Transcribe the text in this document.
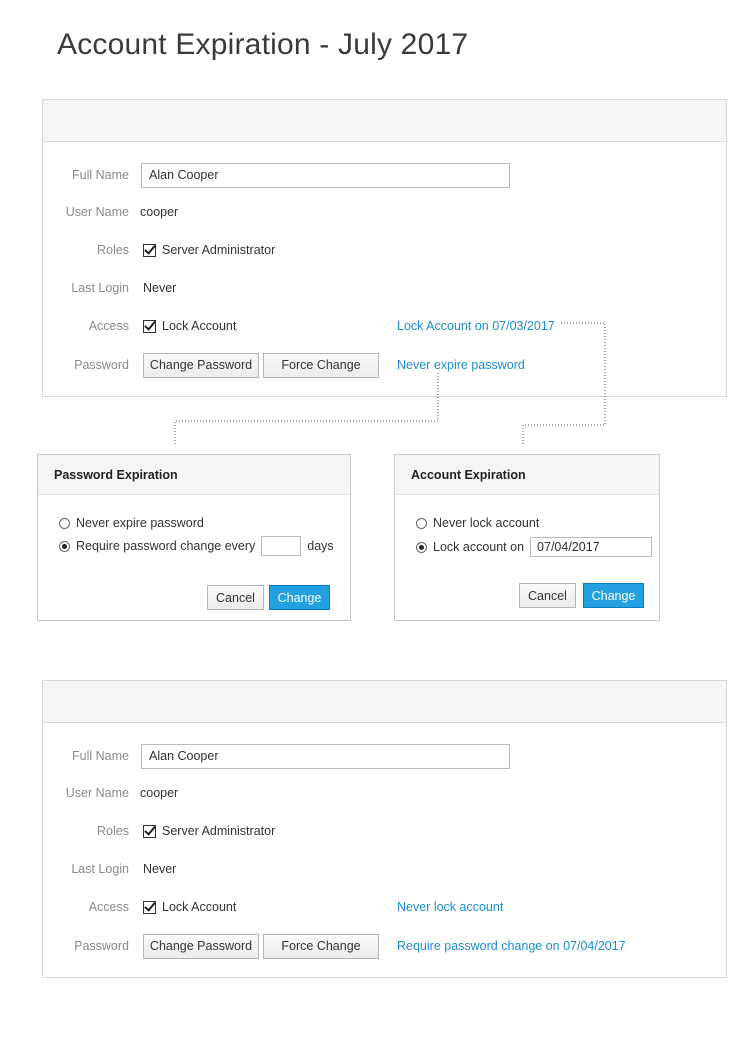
Account Expiration - July 2017
Full Name	Alan Cooper
User Name cooper
Roles	Server Administrator
Last Login Never
Access	Lock Account	Lock Account on 07/03/2017
Password	Change Password	Force Change	Never expire password
Password Expiration
Never expire password
Require password change every	days
Cancel	Change
Account Expiration
Never lock account
Lock account on	07/04/2017
Cancel	Change
Full Name	Alan Cooper
User Name cooper
Roles	Server Administrator
Last Login Never
Access	Lock Account	Never lock account
Password	Change Password	Force Change	Require password change on 07/04/2017
